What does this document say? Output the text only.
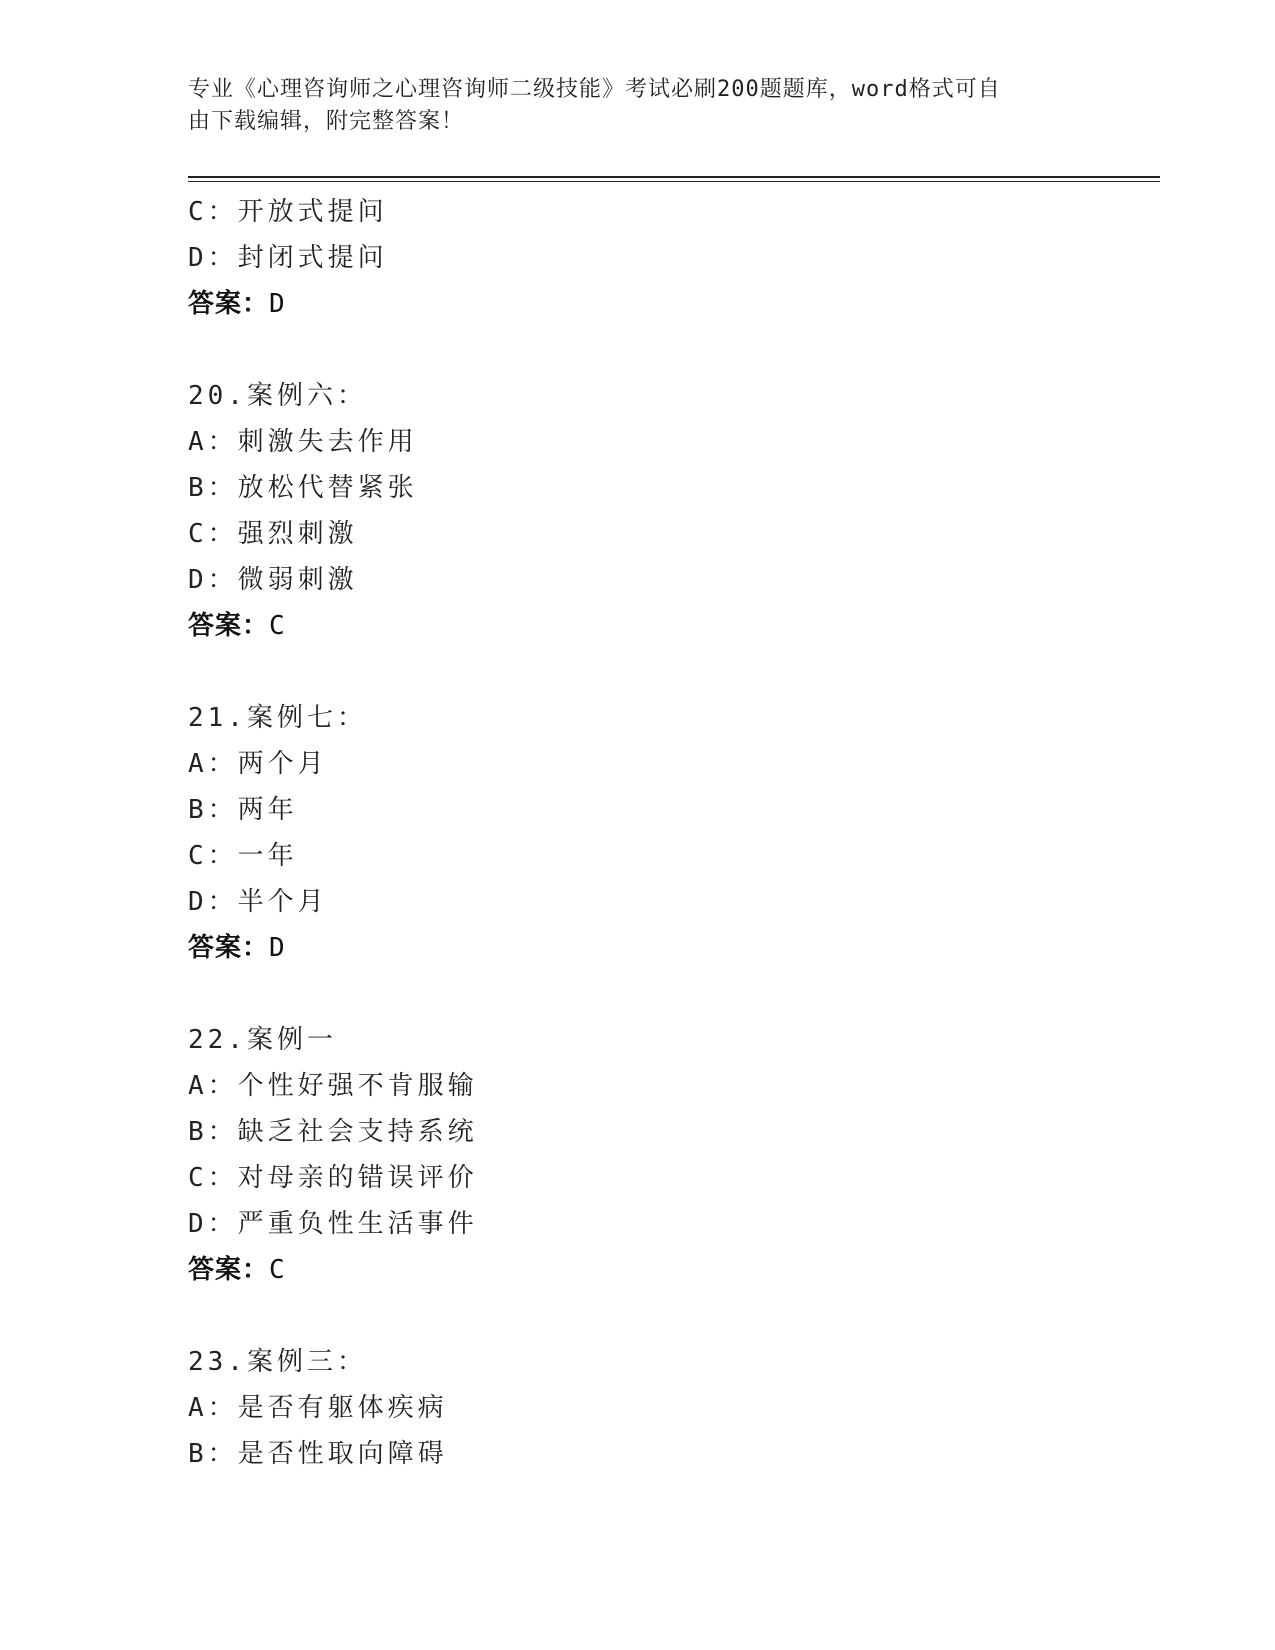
专业《心理咨询师之心理咨询师二级技能》考试必刷200题题库，word格式可自
由下载编辑，附完整答案！
C：开放式提问
D：封闭式提问
答案：D
20.案例六：
A：刺激失去作用
B：放松代替紧张
C：强烈刺激
D：微弱刺激
答案：C
21.案例七：
A：两个月
B：两年
C：一年
D：半个月
答案：D
22.案例一
A：个性好强不肯服输
B：缺乏社会支持系统
C：对母亲的错误评价
D：严重负性生活事件
答案：C
23.案例三：
A：是否有躯体疾病
B：是否性取向障碍
